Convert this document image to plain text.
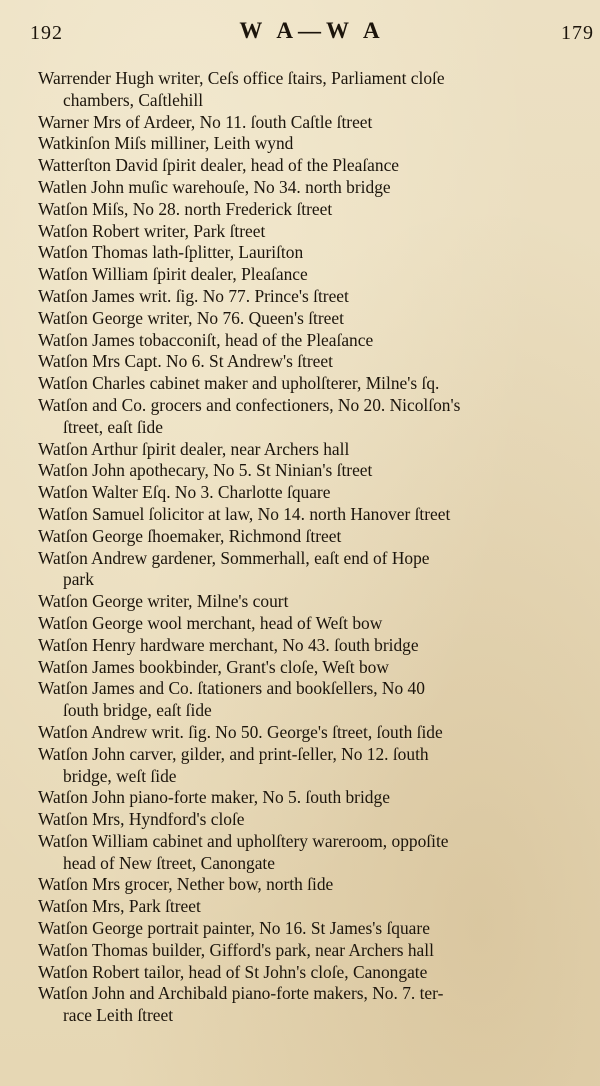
192	W A—W A	179
Warrender Hugh writer, Ceſs office ſtairs, Parliament cloſe
chambers, Caſtlehill
Warner Mrs of Ardeer, No 11. ſouth Caſtle ſtreet
Watkinſon Miſs milliner, Leith wynd
Watterſton David ſpirit dealer, head of the Pleaſance
Watlen John muſic warehouſe, No 34. north bridge
Watſon Miſs, No 28. north Frederick ſtreet
Watſon Robert writer, Park ſtreet
Watſon Thomas lath-ſplitter, Lauriſton
Watſon William ſpirit dealer, Pleaſance
Watſon James writ. ſig. No 77. Prince's ſtreet
Watſon George writer, No 76. Queen's ſtreet
Watſon James tobacconiſt, head of the Pleaſance
Watſon Mrs Capt. No 6. St Andrew's ſtreet
Watſon Charles cabinet maker and upholſterer, Milne's ſq.
Watſon and Co. grocers and confectioners, No 20. Nicolſon's
ſtreet, eaſt ſide
Watſon Arthur ſpirit dealer, near Archers hall
Watſon John apothecary, No 5. St Ninian's ſtreet
Watſon Walter Eſq. No 3. Charlotte ſquare
Watſon Samuel ſolicitor at law, No 14. north Hanover ſtreet
Watſon George ſhoemaker, Richmond ſtreet
Watſon Andrew gardener, Sommerhall, eaſt end of Hope
park
Watſon George writer, Milne's court
Watſon George wool merchant, head of Weſt bow
Watſon Henry hardware merchant, No 43. ſouth bridge
Watſon James bookbinder, Grant's cloſe, Weſt bow
Watſon James and Co. ſtationers and bookſellers, No 40
ſouth bridge, eaſt ſide
Watſon Andrew writ. ſig. No 50. George's ſtreet, ſouth ſide
Watſon John carver, gilder, and print-ſeller, No 12. ſouth
bridge, weſt ſide
Watſon John piano-forte maker, No 5. ſouth bridge
Watſon Mrs, Hyndford's cloſe
Watſon William cabinet and upholſtery wareroom, oppoſite
head of New ſtreet, Canongate
Watſon Mrs grocer, Nether bow, north ſide
Watſon Mrs, Park ſtreet
Watſon George portrait painter, No 16. St James's ſquare
Watſon Thomas builder, Gifford's park, near Archers hall
Watſon Robert tailor, head of St John's cloſe, Canongate
Watſon John and Archibald piano-forte makers, No. 7. ter-
race Leith ſtreet
